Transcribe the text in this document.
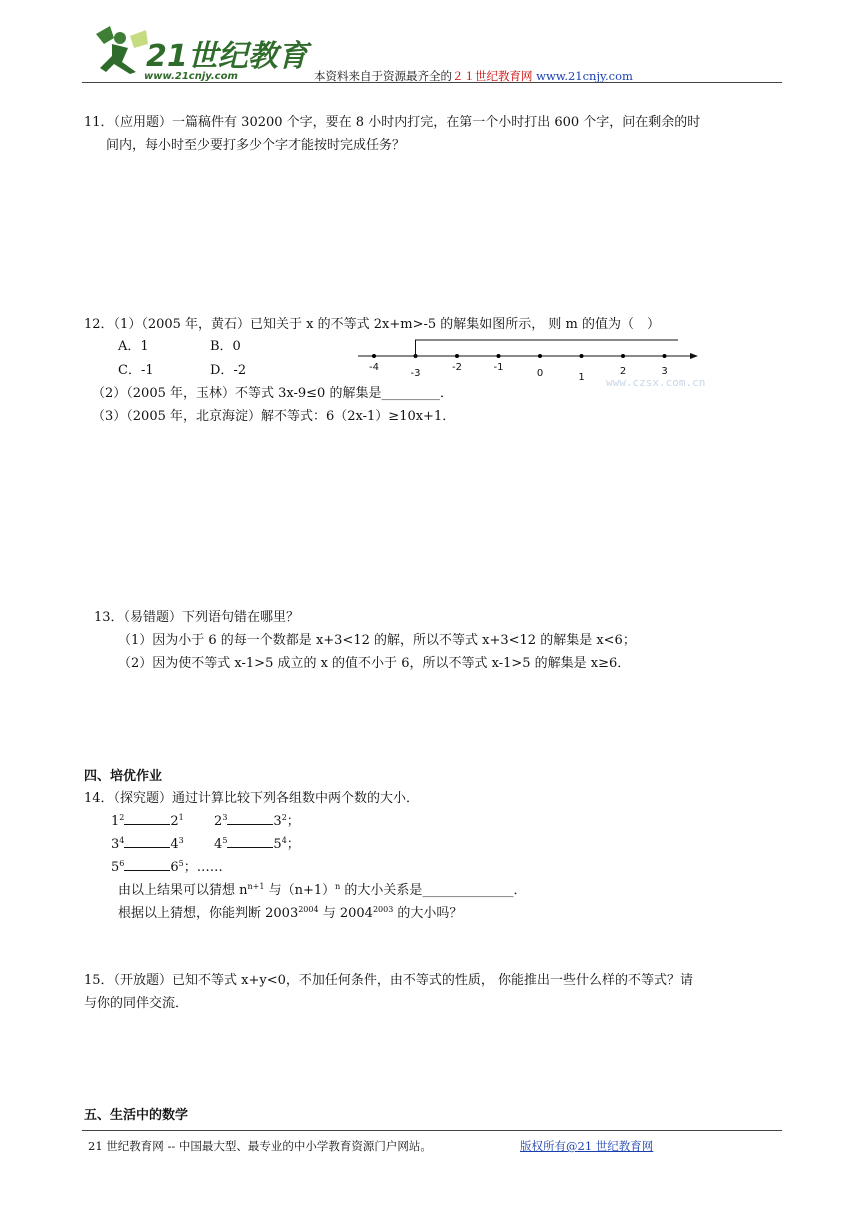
21世纪教育
www.21cnjy.com	本资料来自于资源最齐全的２１世纪教育网 www.21cnjy.com
11．（应用题）一篇稿件有 30200 个字，要在 8 小时内打完，在第一个小时打出 600 个字，问在剩余的时
间内，每小时至少要打多少个字才能按时完成任务？
12．（1）（2005 年，黄石）已知关于 x 的不等式 2x+m>-5 的解集如图所示， 则 m 的值为（　）
A．1	B．0
C．-1	D．-2	-4
-3
-2	-1
0	1
2	3
www.czsx.com.cn
（2）（2005 年，玉林）不等式 3x-9≤0 的解集是_________．
（3）（2005 年，北京海淀）解不等式：6（2x-1）≥10x+1．
13．（易错题）下列语句错在哪里？
（1）因为小于 6 的每一个数都是 x+3<12 的解，所以不等式 x+3<12 的解集是 x<6；
（2）因为使不等式 x-1>5 成立的 x 的值不小于 6，所以不等式 x-1>5 的解集是 x≥6．
四、培优作业
14．（探究题）通过计算比较下列各组数中两个数的大小．
$1^2$	$2^1$ $2^3$	$3^2$；
$3^4$	$4^3$ $4^5$	$5^4$；
$5^6$	$6^5$；……
由以上结果可以猜想 $n^{n+1}$ 与$(n+1)^n$ 的大小关系是______________．
根据以上猜想，你能判断 $2003^{2004}$ 与 $2004^{2003}$ 的大小吗？
15．（开放题）已知不等式 x+y<0，不加任何条件，由不等式的性质， 你能推出一些什么样的不等式？请
与你的同伴交流．
五、生活中的数学
21 世纪教育网 -- 中国最大型、最专业的中小学教育资源门户网站。	版权所有@21 世纪教育网
